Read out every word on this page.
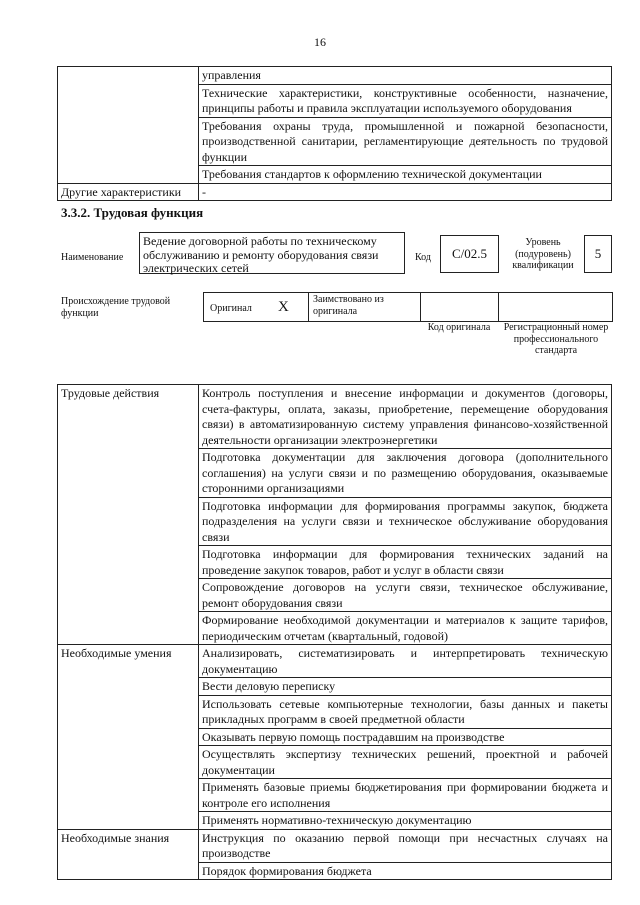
16
	управления
	Технические характеристики, конструктивные особенности, назначение, принципы работы и правила эксплуатации используемого оборудования
	Требования охраны труда, промышленной и пожарной безопасности, производственной санитарии, регламентирующие деятельность по трудовой функции
	Требования стандартов к оформлению технической документации
Другие характеристики	-
3.3.2. Трудовая функция
Наименование
Ведение договорной работы по техническому обслуживанию и ремонту оборудования связи электрических сетей
Код	С/02.5
Уровень (подуровень) квалификации
5
Происхождение трудовой функции	Оригинал X Заимствовано из оригинала
Код оригинала	Регистрационный номер профессионального стандарта
Трудовые действия	Контроль поступления и внесение информации и документов (договоры, счета-фактуры, оплата, заказы, приобретение, перемещение оборудования связи) в автоматизированную систему управления финансово-хозяйственной деятельности организации электроэнергетики
	Подготовка документации для заключения договора (дополнительного соглашения) на услуги связи и по размещению оборудования, оказываемые сторонними организациями
	Подготовка информации для формирования программы закупок, бюджета подразделения на услуги связи и техническое обслуживание оборудования связи
	Подготовка информации для формирования технических заданий на проведение закупок товаров, работ и услуг в области связи
	Сопровождение договоров на услуги связи, техническое обслуживание, ремонт оборудования связи
	Формирование необходимой документации и материалов к защите тарифов, периодическим отчетам (квартальный, годовой)
Необходимые умения	Анализировать, систематизировать и интерпретировать техническую документацию
	Вести деловую переписку
	Использовать сетевые компьютерные технологии, базы данных и пакеты прикладных программ в своей предметной области
	Оказывать первую помощь пострадавшим на производстве
	Осуществлять экспертизу технических решений, проектной и рабочей документации
	Применять базовые приемы бюджетирования при формировании бюджета и контроле его исполнения
	Применять нормативно-техническую документацию
Необходимые знания	Инструкция по оказанию первой помощи при несчастных случаях на производстве
	Порядок формирования бюджета
